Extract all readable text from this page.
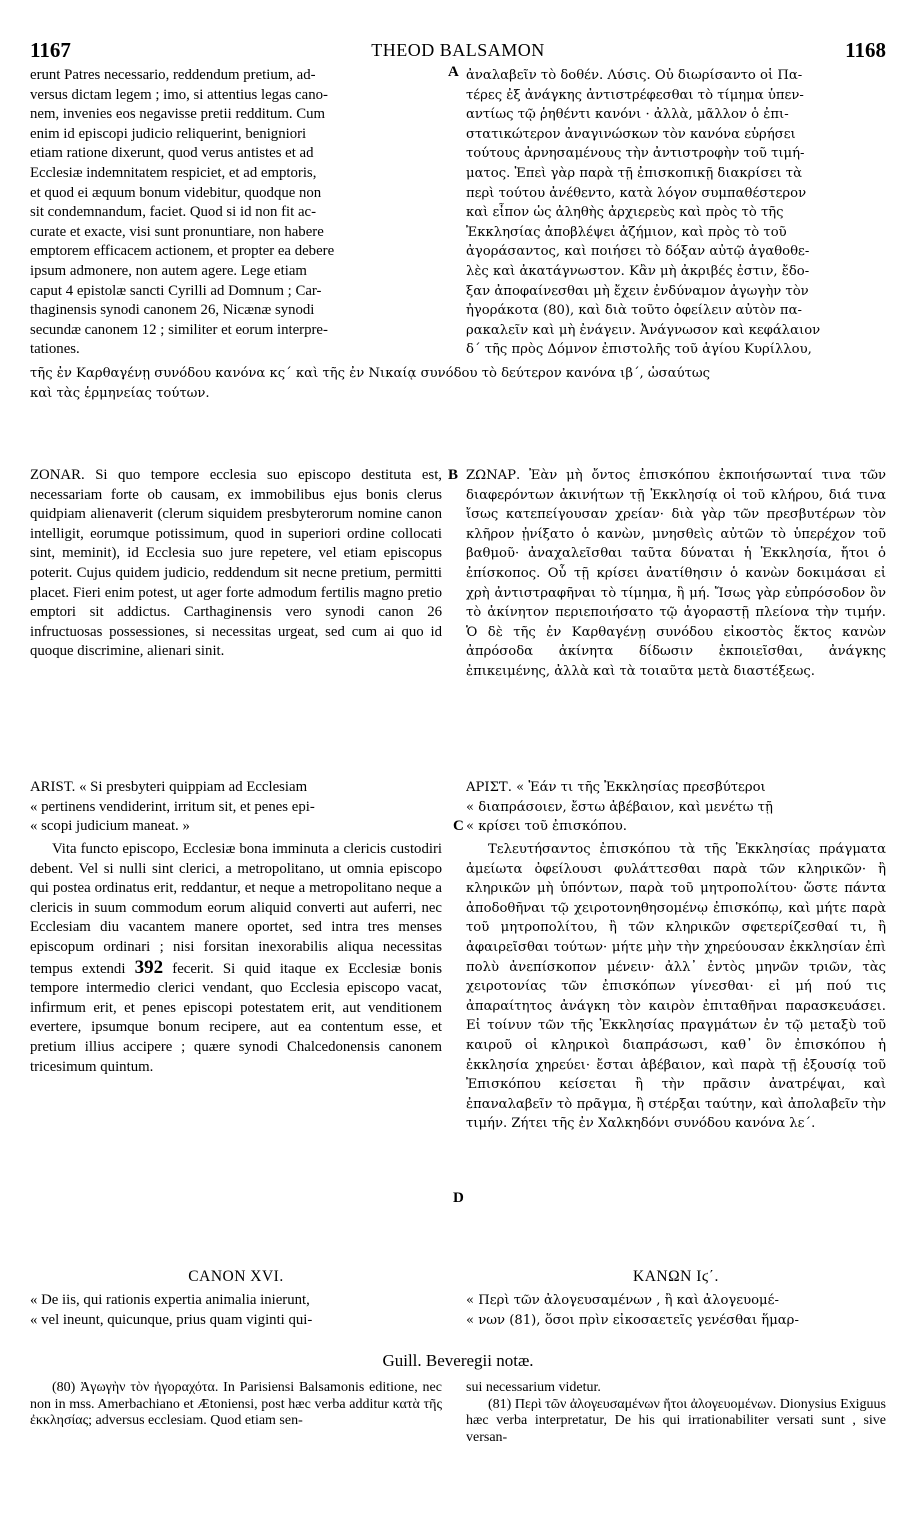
1167	THEOD BALSAMON	1168
erunt Patres necessario, reddendum pretium, ad-
versus dictam legem ; imo, si attentius legas cano-
nem, invenies eos negavisse pretii redditum. Cum
enim id episcopi judicio reliquerint, benigniori
etiam ratione dixerunt, quod verus antistes et ad
Ecclesiæ indemnitatem respiciet, et ad emptoris,
et quod ei æquum bonum videbitur, quodque non
sit condemnandum, faciet. Quod si id non fit ac-
curate et exacte, visi sunt pronuntiare, non habere
emptorem efficacem actionem, et propter ea debere
ipsum admonere, non autem agere. Lege etiam
caput 4 epistolæ sancti Cyrilli ad Domnum ; Car-
thaginensis synodi canonem 26, Nicænæ synodi
secundæ canonem 12 ; similiter et eorum interpre-
tationes.
A ἀναλαβεῖν τὸ δοθέν. Λύσις. Οὐ διωρίσαντο οἱ Πα-
τέρες ἐξ ἀνάγκης ἀντιστρέφεσθαι τὸ τίμημα ὑπεν-
αντίως τῷ ῥηθέντι κανόνι · ἀλλὰ, μᾶλλον ὁ ἐπι-
στατικώτερον ἀναγινώσκων τὸν κανόνα εὑρήσει
τούτους ἀρνησαμένους τὴν ἀντιστροφὴν τοῦ τιμή-
ματος. Ἐπεὶ γὰρ παρὰ τῇ ἐπισκοπικῇ διακρίσει τὰ
περὶ τούτου ἀνέθεντο, κατὰ λόγον συμπαθέστερον
καὶ εἶπον ὡς ἀληθὴς ἀρχιερεὺς καὶ πρὸς τὸ τῆς
Ἐκκλησίας ἀποβλέψει ἀζήμιον, καὶ πρὸς τὸ τοῦ
ἀγοράσαντος, καὶ ποιήσει τὸ δόξαν αὐτῷ ἀγαθοθε-
λὲς καὶ ἀκατάγνωστον. Κἂν μὴ ἀκριβές ἐστιν, ἔδο-
ξαν ἀποφαίνεσθαι μὴ ἔχειν ἐνδύναμον ἀγωγὴν τὸν
ἠγοράκοτα (80), καὶ διὰ τοῦτο ὀφείλειν αὐτὸν πα-
ρακαλεῖν καὶ μὴ ἐνάγειν. Ἀνάγνωσον καὶ κεφάλαιον
δ΄ τῆς πρὸς Δόμνον ἐπιστολῆς τοῦ ἁγίου Κυρίλλου,
τῆς ἐν Καρθαγένῃ συνόδου κανόνα κς΄ καὶ τῆς ἐν Νικαίᾳ συνόδου τὸ δεύτερον κανόνα ιβ΄, ὡσαύτως
καὶ τὰς ἑρμηνείας τούτων.
B

ZONAR. Si quo tempore ecclesia suo episcopo destituta est, necessariam forte ob causam, ex immobilibus ejus bonis clerus quidpiam alienaverit (clerum siquidem presbyterorum nomine canon intelligit, eorumque potissimum, quod in superiori ordine collocati sint, meminit), id Ecclesia suo jure repetere, vel etiam episcopus poterit. Cujus quidem judicio, reddendum sit necne pretium, permitti placet. Fieri enim potest, ut ager forte admodum fertilis magno pretio emptori sit addictus. Carthaginensis vero synodi canon 26 infructuosas possessiones, si necessitas urgeat, sed cum ai quo id quoque discrimine, alienari sinit.

ΖΩΝΑΡ. Ἐὰν μὴ ὄντος ἐπισκόπου ἐκποιήσωνταί τινα τῶν διαφερόντων ἀκινήτων τῇ Ἐκκλησίᾳ οἱ τοῦ κλήρου, διά τινα ἴσως κατεπείγουσαν χρείαν· διὰ γὰρ τῶν πρεσβυτέρων τὸν κλῆρον ᾐνίξατο ὁ κανὼν, μνησθεὶς αὐτῶν τὸ ὑπερέχον τοῦ βαθμοῦ· ἀναχαλεῖσθαι ταῦτα δύναται ἡ Ἐκκλησία, ἤτοι ὁ ἐπίσκοπος. Οὗ τῇ κρίσει ἀνατίθησιν ὁ κανὼν δοκιμάσαι εἰ χρὴ ἀντιστραφῆναι τὸ τίμημα, ἢ μή. Ἴσως γὰρ εὐπρόσοδον ὂν τὸ ἀκίνητον περιεποιήσατο τῷ ἀγοραστῇ πλείονα τὴν τιμήν. Ὁ δὲ τῆς ἐν Καρθαγένῃ συνόδου εἰκοστὸς ἕκτος κανὼν ἀπρόσοδα ἀκίνητα δίδωσιν ἐκποιεῖσθαι, ἀνάγκης ἐπικειμένης, ἀλλὰ καὶ τὰ τοιαῦτα μετὰ διαστέξεως.

ARIST. « Si presbyteri quippiam ad Ecclesiam
« pertinens vendiderint, irritum sit, et penes epi-
« scopi judicium maneat. »	C
ΑΡΙΣΤ. « Ἐάν τι τῆς Ἐκκλησίας πρεσβύτεροι
« διαπράσοιεν, ἔστω ἀβέβαιον, καὶ μενέτω τῇ
« κρίσει τοῦ ἐπισκόπου.

Vita functo episcopo, Ecclesiæ bona imminuta a clericis custodiri debent. Vel si nulli sint clerici, a metropolitano, ut omnia episcopo qui postea ordinatus erit, reddantur, et neque a metropolitano neque a clericis in suum commodum eorum aliquid converti aut auferri, nec Ecclesiam diu vacantem manere oportet, sed intra tres menses episcopum ordinari ; nisi forsitan inexorabilis aliqua necessitas tempus extendi 392 fecerit. Si quid itaque ex Ecclesiæ bonis tempore intermedio clerici vendant, quo Ecclesia episcopo vacat, infirmum erit, et penes episcopi potestatem erit, aut venditionem evertere, ipsumque bonum recipere, aut ea contentum esse, et pretium illius accipere ; quære synodi Chalcedonensis canonem tricesimum quintum.

D

Τελευτήσαντος ἐπισκόπου τὰ τῆς Ἐκκλησίας πράγματα ἀμείωτα ὀφείλουσι φυλάττεσθαι παρὰ τῶν κληρικῶν· ἢ κληρικῶν μὴ ὑπόντων, παρὰ τοῦ μητροπολίτου· ὥστε πάντα ἀποδοθῆναι τῷ χειροτονηθησομένῳ ἐπισκόπῳ, καὶ μήτε παρὰ τοῦ μητροπολίτου, ἢ τῶν κληρικῶν σφετερίζεσθαί τι, ἢ ἀφαιρεῖσθαι τούτων· μήτε μὴν τὴν χηρεύουσαν ἐκκλησίαν ἐπὶ πολὺ ἀνεπίσκοπον μένειν· ἀλλ᾽ ἐντὸς μηνῶν τριῶν, τὰς χειροτονίας τῶν ἐπισκόπων γίνεσθαι· εἰ μή πού τις ἀπαραίτητος ἀνάγκη τὸν καιρὸν ἐπιταθῆναι παρασκευάσει. Εἰ τοίνυν τῶν τῆς Ἐκκλησίας πραγμάτων ἐν τῷ μεταξὺ τοῦ καιροῦ οἱ κληρικοὶ διαπράσωσι, καθ᾽ ὃν ἐπισκόπου ἡ ἐκκλησία χηρεύει· ἔσται ἀβέβαιον, καὶ παρὰ τῇ ἐξουσίᾳ τοῦ Ἐπισκόπου κείσεται ἢ τὴν πρᾶσιν ἀνατρέψαι, καὶ ἐπαναλαβεῖν τὸ πρᾶγμα, ἢ στέρξαι ταύτην, καὶ ἀπολαβεῖν τὴν τιμήν. Ζήτει τῆς ἐν Χαλκηδόνι συνόδου κανόνα λε΄.

CANON XVI.
« De iis, qui rationis expertia animalia inierunt,
« vel ineunt, quicunque, prius quam viginti qui-
ΚΑΝΩΝ Ιϛ΄.
« Περὶ τῶν ἀλογευσαμένων , ἢ καὶ ἀλογευομέ-
« νων (81), ὅσοι πρὶν εἰκοσαετεῖς γενέσθαι ἥμαρ-
Guill. Beveregii notæ.

(80) Ἀγωγὴν τὸν ἠγοραχότα. In Parisiensi Balsamonis editione, nec non in mss. Amerbachiano et Ætoniensi, post hæc verba additur κατὰ τῆς ἐκκλησίας; adversus ecclesiam. Quod etiam sen-

sui necessarium videtur.

(81) Περὶ τῶν ἀλογευσαμένων ἤτοι ἀλογευομένων. Dionysius Exiguus hæc verba interpretatur, De his qui irrationabiliter versati sunt , sive versan-
